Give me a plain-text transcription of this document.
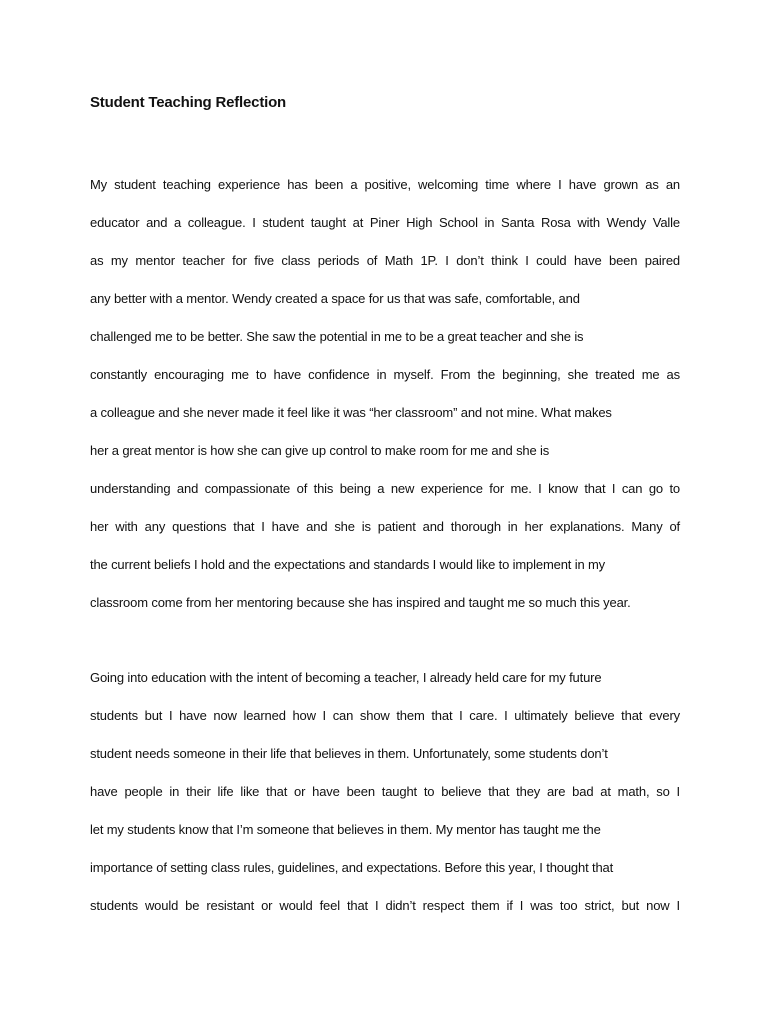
Student Teaching Reflection

My student teaching experience has been a positive, welcoming time where I have grown as an

educator and a colleague. I student taught at Piner High School in Santa Rosa with Wendy Valle

as my mentor teacher for five class periods of Math 1P. I don’t think I could have been paired

any better with a mentor. Wendy created a space for us that was safe, comfortable, and

challenged me to be better. She saw the potential in me to be a great teacher and she is

constantly encouraging me to have confidence in myself. From the beginning, she treated me as

a colleague and she never made it feel like it was “her classroom” and not mine. What makes

her a great mentor is how she can give up control to make room for me and she is

understanding and compassionate of this being a new experience for me. I know that I can go to

her with any questions that I have and she is patient and thorough in her explanations. Many of

the current beliefs I hold and the expectations and standards I would like to implement in my

classroom come from her mentoring because she has inspired and taught me so much this year.

Going into education with the intent of becoming a teacher, I already held care for my future

students but I have now learned how I can show them that I care. I ultimately believe that every

student needs someone in their life that believes in them. Unfortunately, some students don’t

have people in their life like that or have been taught to believe that they are bad at math, so I

let my students know that I’m someone that believes in them. My mentor has taught me the

importance of setting class rules, guidelines, and expectations. Before this year, I thought that

students would be resistant or would feel that I didn’t respect them if I was too strict, but now I
